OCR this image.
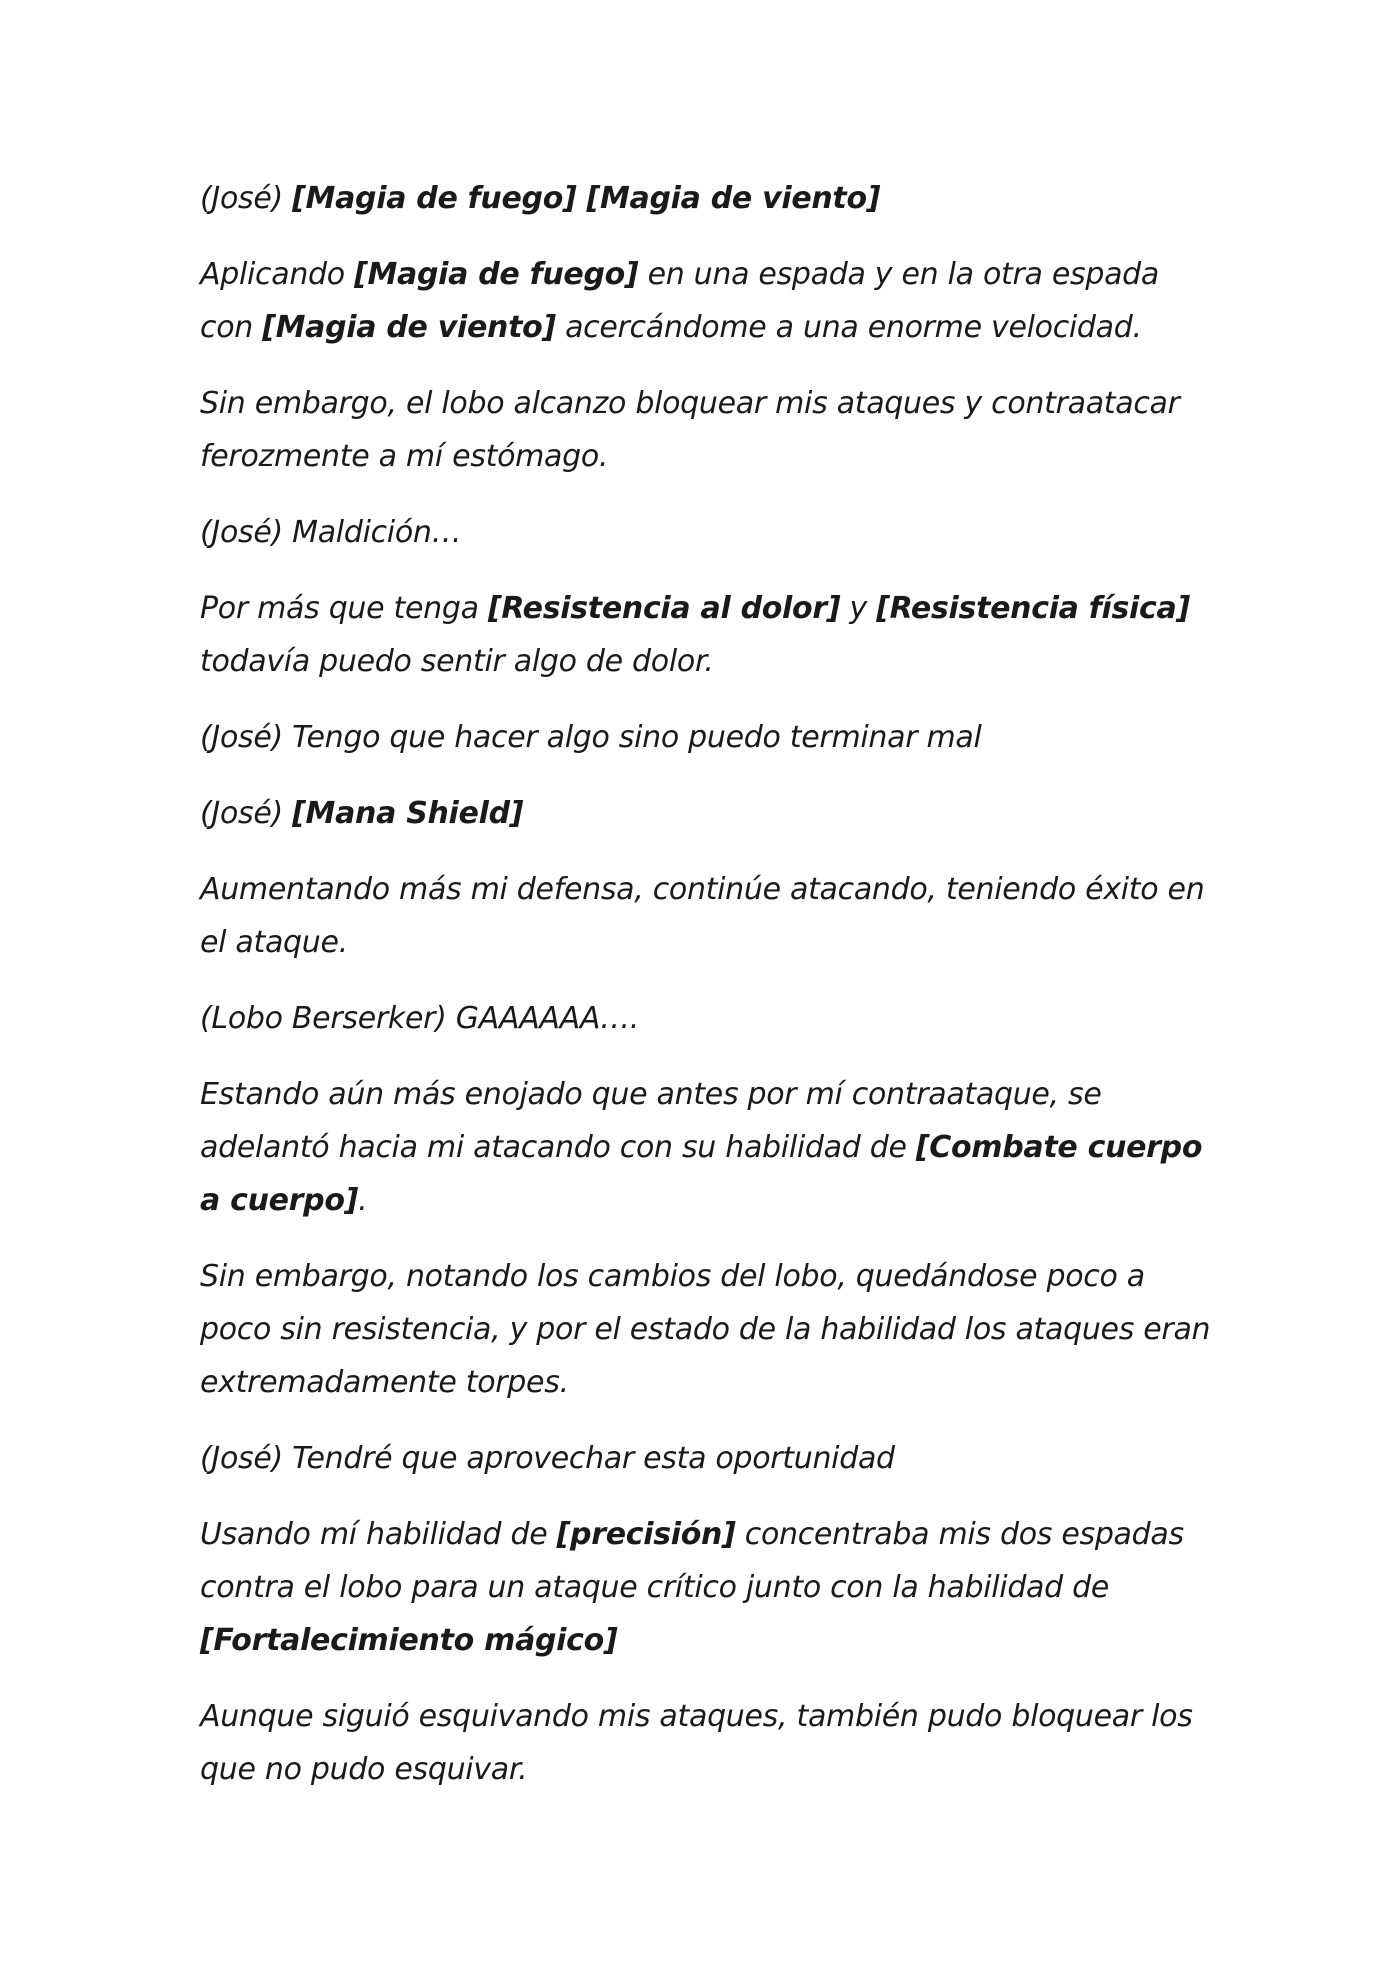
(José) [Magia de fuego] [Magia de viento]

Aplicando [Magia de fuego] en una espada y en la otra espada con [Magia de viento] acercándome a una enorme velocidad.

Sin embargo, el lobo alcanzo bloquear mis ataques y contraatacar ferozmente a mí estómago.

(José) Maldición…

Por más que tenga [Resistencia al dolor] y [Resistencia física] todavía puedo sentir algo de dolor.

(José) Tengo que hacer algo sino puedo terminar mal

(José) [Mana Shield]

Aumentando más mi defensa, continúe atacando, teniendo éxito en el ataque.

(Lobo Berserker) GAAAAAA….

Estando aún más enojado que antes por mí contraataque, se adelantó hacia mi atacando con su habilidad de [Combate cuerpo a cuerpo].

Sin embargo, notando los cambios del lobo, quedándose poco a poco sin resistencia, y por el estado de la habilidad los ataques eran extremadamente torpes.

(José) Tendré que aprovechar esta oportunidad

Usando mí habilidad de [precisión] concentraba mis dos espadas contra el lobo para un ataque crítico junto con la habilidad de [Fortalecimiento mágico]

Aunque siguió esquivando mis ataques, también pudo bloquear los que no pudo esquivar.
